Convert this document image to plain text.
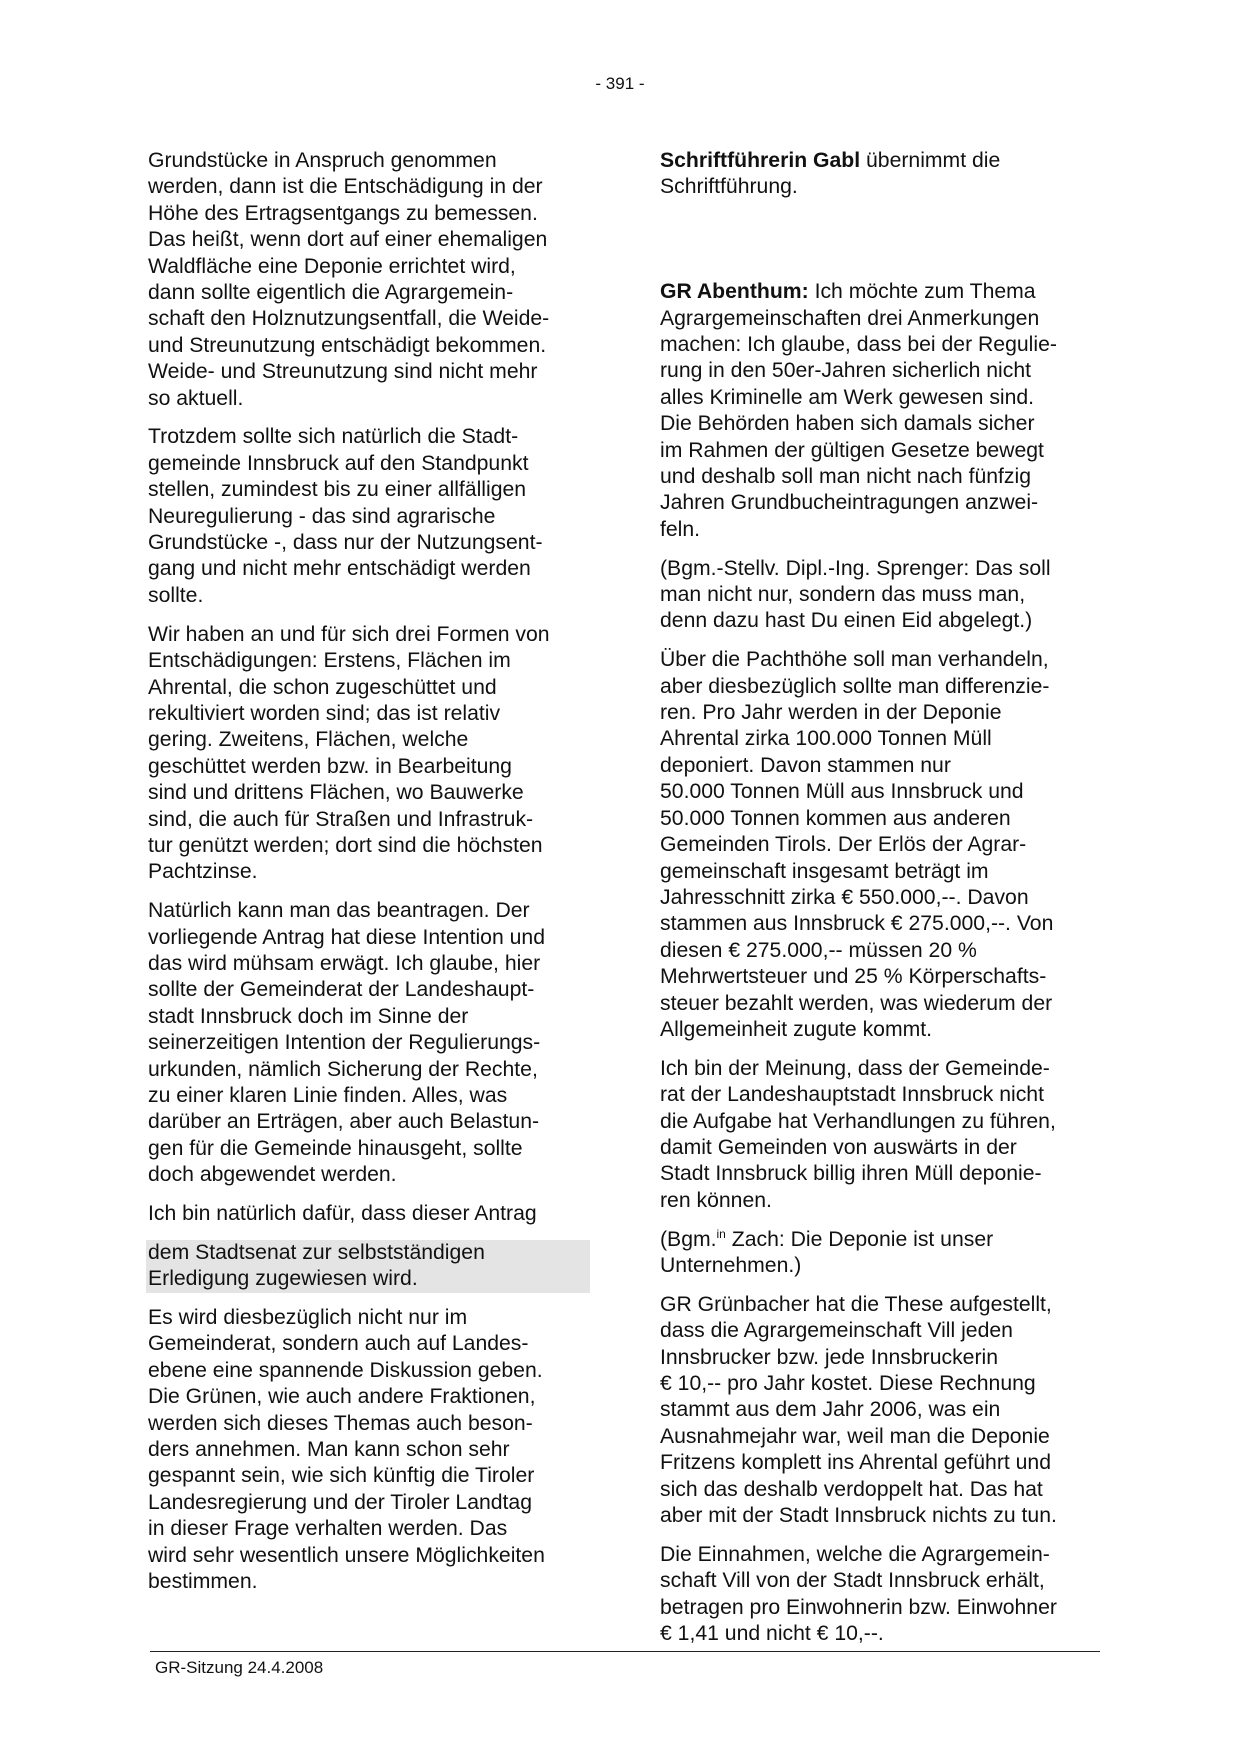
- 391 -

Grundstücke in Anspruch genommen
werden, dann ist die Entschädigung in der
Höhe des Ertragsentgangs zu bemessen.
Das heißt, wenn dort auf einer ehemaligen
Waldfläche eine Deponie errichtet wird,
dann sollte eigentlich die Agrargemein-
schaft den Holznutzungsentfall, die Weide-
und Streunutzung entschädigt bekommen.
Weide- und Streunutzung sind nicht mehr
so aktuell.

Trotzdem sollte sich natürlich die Stadt-
gemeinde Innsbruck auf den Standpunkt
stellen, zumindest bis zu einer allfälligen
Neuregulierung - das sind agrarische
Grundstücke -, dass nur der Nutzungsent-
gang und nicht mehr entschädigt werden
sollte.

Wir haben an und für sich drei Formen von
Entschädigungen: Erstens, Flächen im
Ahrental, die schon zugeschüttet und
rekultiviert worden sind; das ist relativ
gering. Zweitens, Flächen, welche
geschüttet werden bzw. in Bearbeitung
sind und drittens Flächen, wo Bauwerke
sind, die auch für Straßen und Infrastruk-
tur genützt werden; dort sind die höchsten
Pachtzinse.

Natürlich kann man das beantragen. Der
vorliegende Antrag hat diese Intention und
das wird mühsam erwägt. Ich glaube, hier
sollte der Gemeinderat der Landeshaupt-
stadt Innsbruck doch im Sinne der
seinerzeitigen Intention der Regulierungs-
urkunden, nämlich Sicherung der Rechte,
zu einer klaren Linie finden. Alles, was
darüber an Erträgen, aber auch Belastun-
gen für die Gemeinde hinausgeht, sollte
doch abgewendet werden.

Ich bin natürlich dafür, dass dieser Antrag

dem Stadtsenat zur selbstständigen
Erledigung zugewiesen wird.

Es wird diesbezüglich nicht nur im
Gemeinderat, sondern auch auf Landes-
ebene eine spannende Diskussion geben.
Die Grünen, wie auch andere Fraktionen,
werden sich dieses Themas auch beson-
ders annehmen. Man kann schon sehr
gespannt sein, wie sich künftig die Tiroler
Landesregierung und der Tiroler Landtag
in dieser Frage verhalten werden. Das
wird sehr wesentlich unsere Möglichkeiten
bestimmen.

Schriftführerin Gabl übernimmt die
Schriftführung.

GR Abenthum: Ich möchte zum Thema
Agrargemeinschaften drei Anmerkungen
machen: Ich glaube, dass bei der Regulie-
rung in den 50er-Jahren sicherlich nicht
alles Kriminelle am Werk gewesen sind.
Die Behörden haben sich damals sicher
im Rahmen der gültigen Gesetze bewegt
und deshalb soll man nicht nach fünfzig
Jahren Grundbucheintragungen anzwei-
feln.

(Bgm.-Stellv. Dipl.-Ing. Sprenger: Das soll
man nicht nur, sondern das muss man,
denn dazu hast Du einen Eid abgelegt.)

Über die Pachthöhe soll man verhandeln,
aber diesbezüglich sollte man differenzie-
ren. Pro Jahr werden in der Deponie
Ahrental zirka 100.000 Tonnen Müll
deponiert. Davon stammen nur
50.000 Tonnen Müll aus Innsbruck und
50.000 Tonnen kommen aus anderen
Gemeinden Tirols. Der Erlös der Agrar-
gemeinschaft insgesamt beträgt im
Jahresschnitt zirka € 550.000,--. Davon
stammen aus Innsbruck € 275.000,--. Von
diesen € 275.000,-- müssen 20 %
Mehrwertsteuer und 25 % Körperschafts-
steuer bezahlt werden, was wiederum der
Allgemeinheit zugute kommt.

Ich bin der Meinung, dass der Gemeinde-
rat der Landeshauptstadt Innsbruck nicht
die Aufgabe hat Verhandlungen zu führen,
damit Gemeinden von auswärts in der
Stadt Innsbruck billig ihren Müll deponie-
ren können.

(Bgm.$^{in}$ Zach: Die Deponie ist unser
Unternehmen.)

GR Grünbacher hat die These aufgestellt,
dass die Agrargemeinschaft Vill jeden
Innsbrucker bzw. jede Innsbruckerin
€ 10,-- pro Jahr kostet. Diese Rechnung
stammt aus dem Jahr 2006, was ein
Ausnahmejahr war, weil man die Deponie
Fritzens komplett ins Ahrental geführt und
sich das deshalb verdoppelt hat. Das hat
aber mit der Stadt Innsbruck nichts zu tun.

Die Einnahmen, welche die Agrargemein-
schaft Vill von der Stadt Innsbruck erhält,
betragen pro Einwohnerin bzw. Einwohner
€ 1,41 und nicht € 10,--.

GR-Sitzung 24.4.2008
